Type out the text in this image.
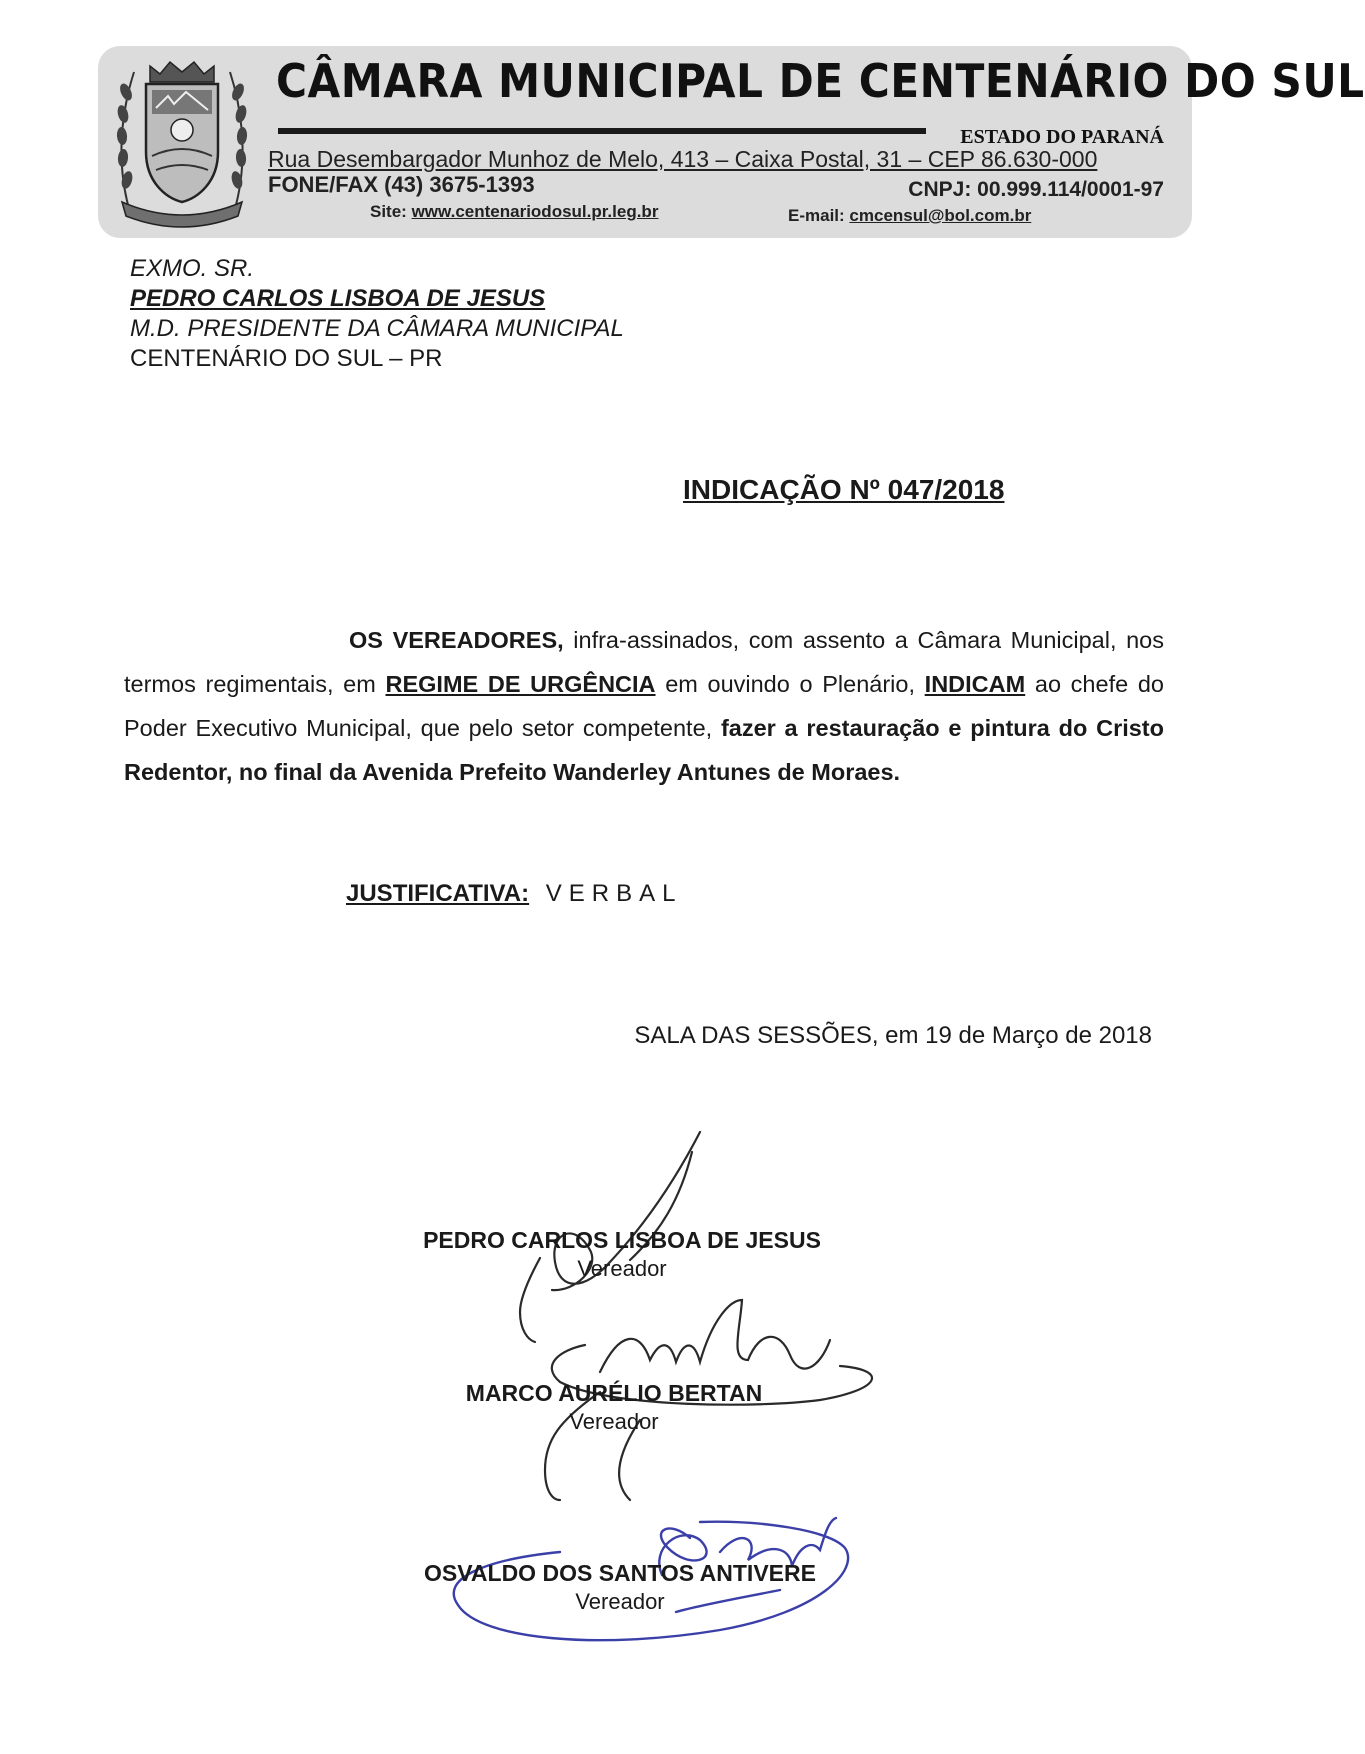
CÂMARA MUNICIPAL DE CENTENÁRIO DO SUL
ESTADO DO PARANÁ
Rua Desembargador Munhoz de Melo, 413 – Caixa Postal, 31 – CEP 86.630-000
FONE/FAX (43) 3675-1393	CNPJ: 00.999.114/0001-97
Site: www.centenariodosul.pr.leg.br	E-mail: cmcensul@bol.com.br
EXMO. SR.
PEDRO CARLOS LISBOA DE JESUS
M.D. PRESIDENTE DA CÂMARA MUNICIPAL
CENTENÁRIO DO SUL – PR
INDICAÇÃO Nº 047/2018
OS VEREADORES, infra-assinados, com assento a Câmara Municipal, nos termos regimentais, em REGIME DE URGÊNCIA em ouvindo o Plenário, INDICAM ao chefe do Poder Executivo Municipal, que pelo setor competente, fazer a restauração e pintura do Cristo Redentor, no final da Avenida Prefeito Wanderley Antunes de Moraes.
JUSTIFICATIVA: VERBAL
SALA DAS SESSÕES, em 19 de Março de 2018
PEDRO CARLOS LISBOA DE JESUS
Vereador
MARCO AURÉLIO BERTAN
Vereador
OSVALDO DOS SANTOS ANTIVERE
Vereador
